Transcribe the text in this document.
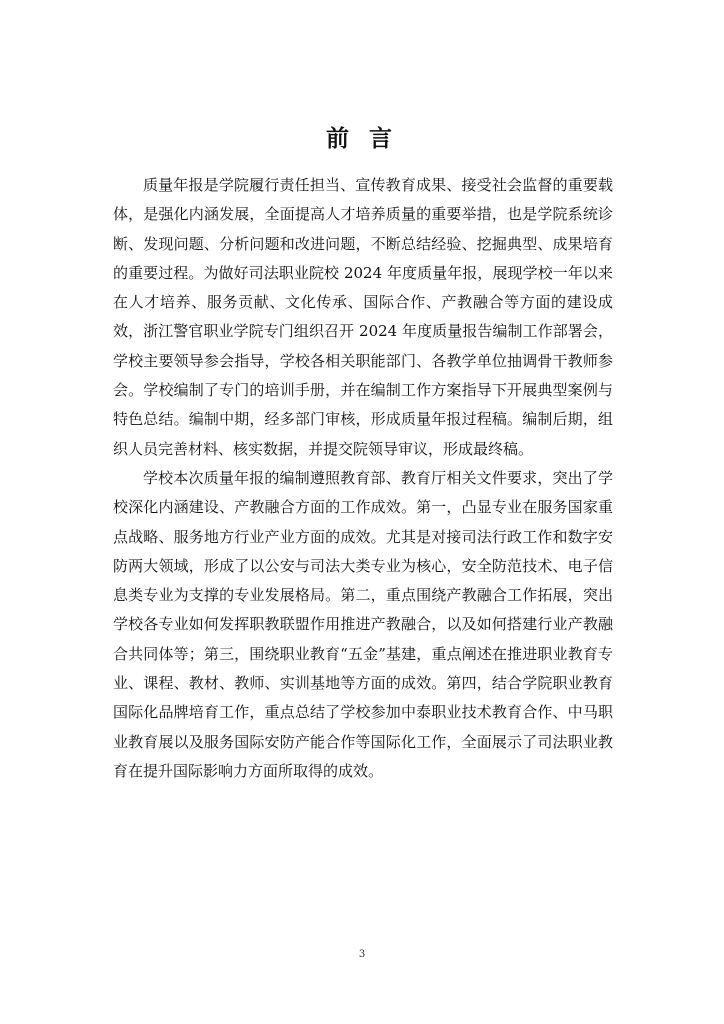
前 言

质量年报是学院履行责任担当、宣传教育成果、接受社会监督的重要载体，是强化内涵发展，全面提高人才培养质量的重要举措，也是学院系统诊断、发现问题、分析问题和改进问题，不断总结经验、挖掘典型、成果培育的重要过程。为做好司法职业院校 2024 年度质量年报，展现学校一年以来在人才培养、服务贡献、文化传承、国际合作、产教融合等方面的建设成效，浙江警官职业学院专门组织召开 2024 年度质量报告编制工作部署会，学校主要领导参会指导，学校各相关职能部门、各教学单位抽调骨干教师参会。学校编制了专门的培训手册，并在编制工作方案指导下开展典型案例与特色总结。编制中期，经多部门审核，形成质量年报过程稿。编制后期，组织人员完善材料、核实数据，并提交院领导审议，形成最终稿。

学校本次质量年报的编制遵照教育部、教育厅相关文件要求，突出了学校深化内涵建设、产教融合方面的工作成效。第一，凸显专业在服务国家重点战略、服务地方行业产业方面的成效。尤其是对接司法行政工作和数字安防两大领域，形成了以公安与司法大类专业为核心，安全防范技术、电子信息类专业为支撑的专业发展格局。第二，重点围绕产教融合工作拓展，突出学校各专业如何发挥职教联盟作用推进产教融合，以及如何搭建行业产教融合共同体等；第三，围绕职业教育“五金”基建，重点阐述在推进职业教育专业、课程、教材、教师、实训基地等方面的成效。第四，结合学院职业教育国际化品牌培育工作，重点总结了学校参加中泰职业技术教育合作、中马职业教育展以及服务国际安防产能合作等国际化工作，全面展示了司法职业教育在提升国际影响力方面所取得的成效。

3
